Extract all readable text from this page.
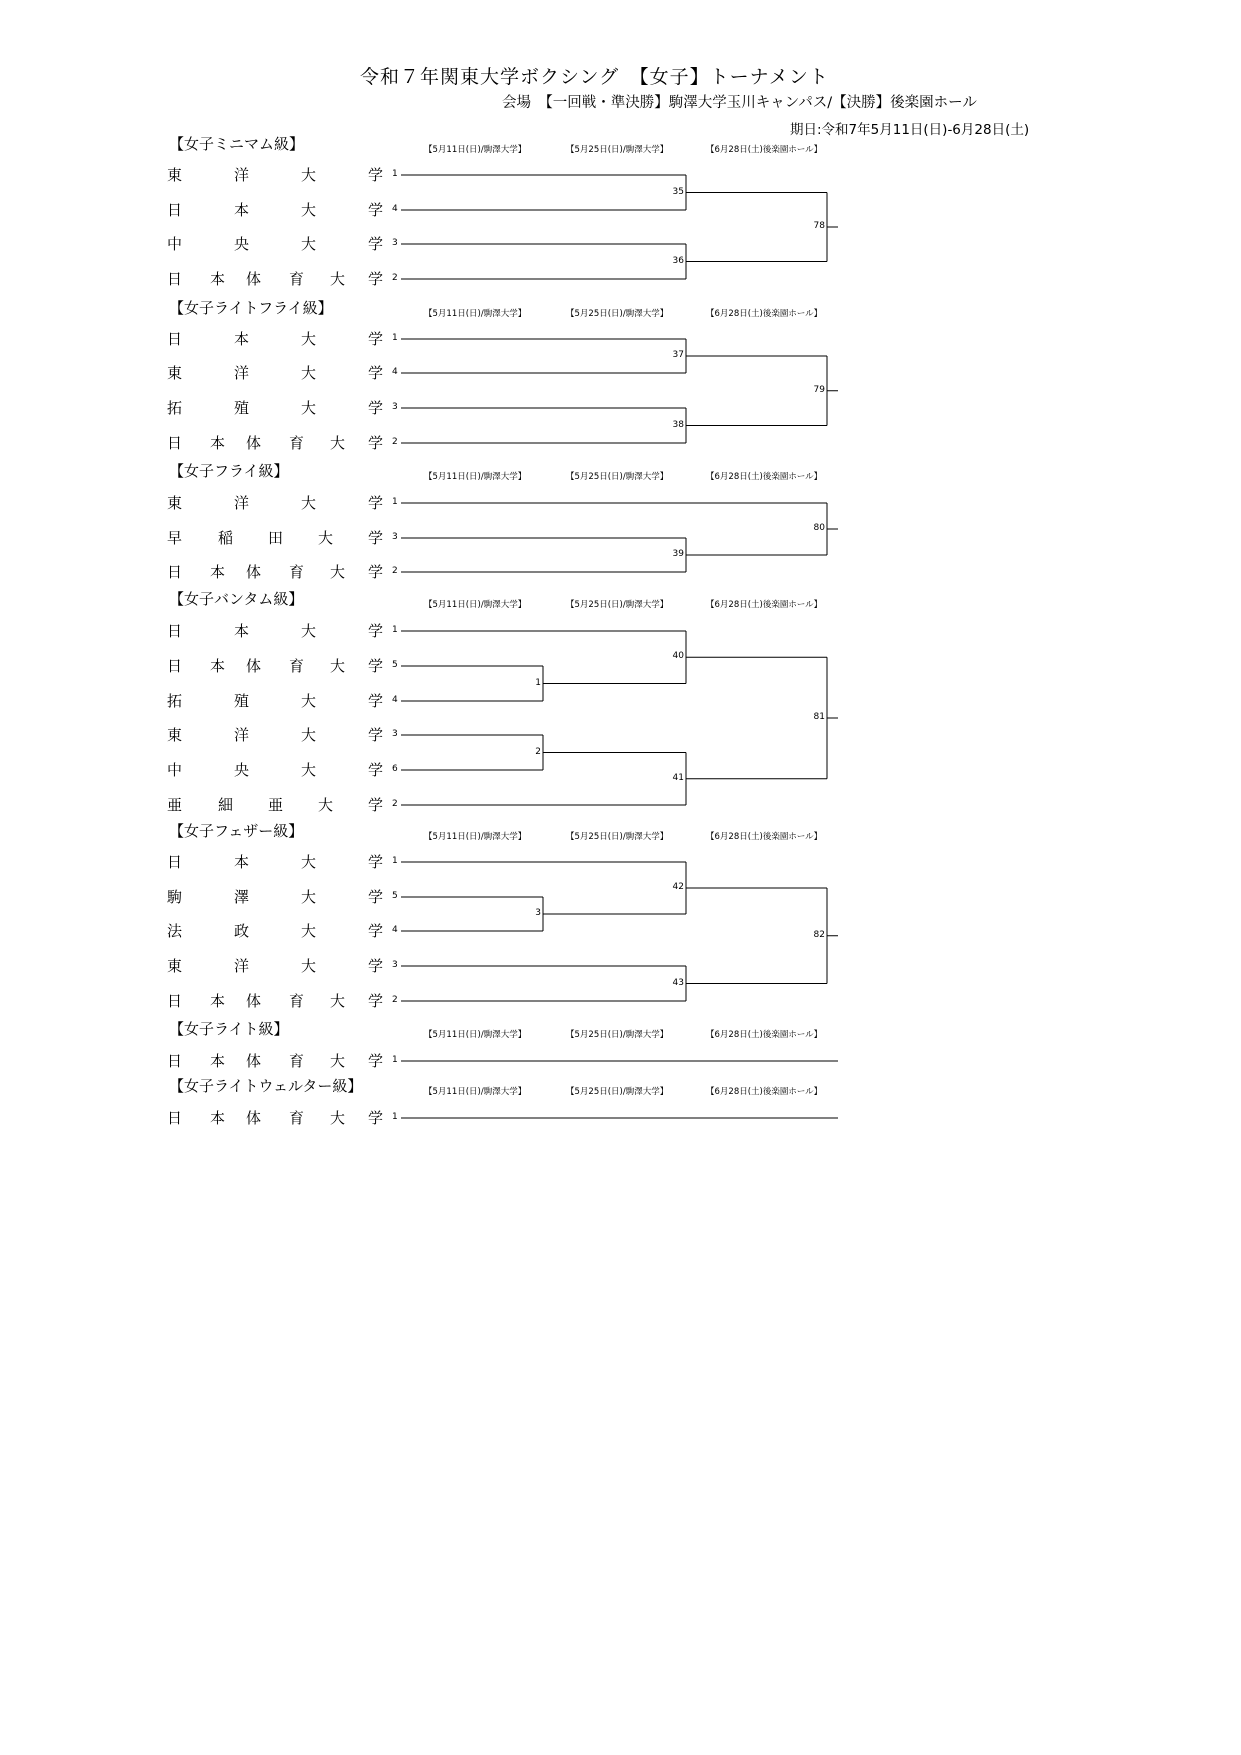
令和７年関東大学ボクシング　【女子】トーナメント
会場　【一回戦・準決勝】駒澤大学玉川キャンパス/【決勝】後楽園ホール
期日:令和7年5月11日(日)-6月28日(土)
【女子ミニマム級】	【5月11日(日)/駒澤大学】	【5月25日(日)/駒澤大学】	【6月28日(土)後楽園ホール】
東	洋	大	学 1
日	本	大	学 4
中	央	大	学 3
日 本 体 育 大 学 2
35
36
78
【女子ライトフライ級】	【5月11日(日)/駒澤大学】	【5月25日(日)/駒澤大学】	【6月28日(土)後楽園ホール】
日	本	大	学 1
東	洋	大	学 4
拓	殖	大	学 3
日 本 体 育 大 学 2
37
38
79
【女子フライ級】	【5月11日(日)/駒澤大学】	【5月25日(日)/駒澤大学】	【6月28日(土)後楽園ホール】
東	洋	大	学 1
早 稲 田 大 学 3
日 本 体 育 大 学 2
39
80
【女子バンタム級】	【5月11日(日)/駒澤大学】	【5月25日(日)/駒澤大学】	【6月28日(土)後楽園ホール】
日	本	大	学 1
日 本 体 育 大 学 5
拓	殖	大	学 4
東	洋	大	学 3
中	央	大	学 6
亜 細 亜 大 学 2
1
2
40
41
81
【女子フェザー級】	【5月11日(日)/駒澤大学】	【5月25日(日)/駒澤大学】	【6月28日(土)後楽園ホール】
日	本	大	学 1
駒	澤	大	学 5
法	政	大	学 4
東	洋	大	学 3
日 本 体 育 大 学 2
3
42
43
82
【女子ライト級】	【5月11日(日)/駒澤大学】	【5月25日(日)/駒澤大学】	【6月28日(土)後楽園ホール】
日 本 体 育 大 学 1
【女子ライトウェルター級】	【5月11日(日)/駒澤大学】	【5月25日(日)/駒澤大学】	【6月28日(土)後楽園ホール】
日 本 体 育 大 学 1
